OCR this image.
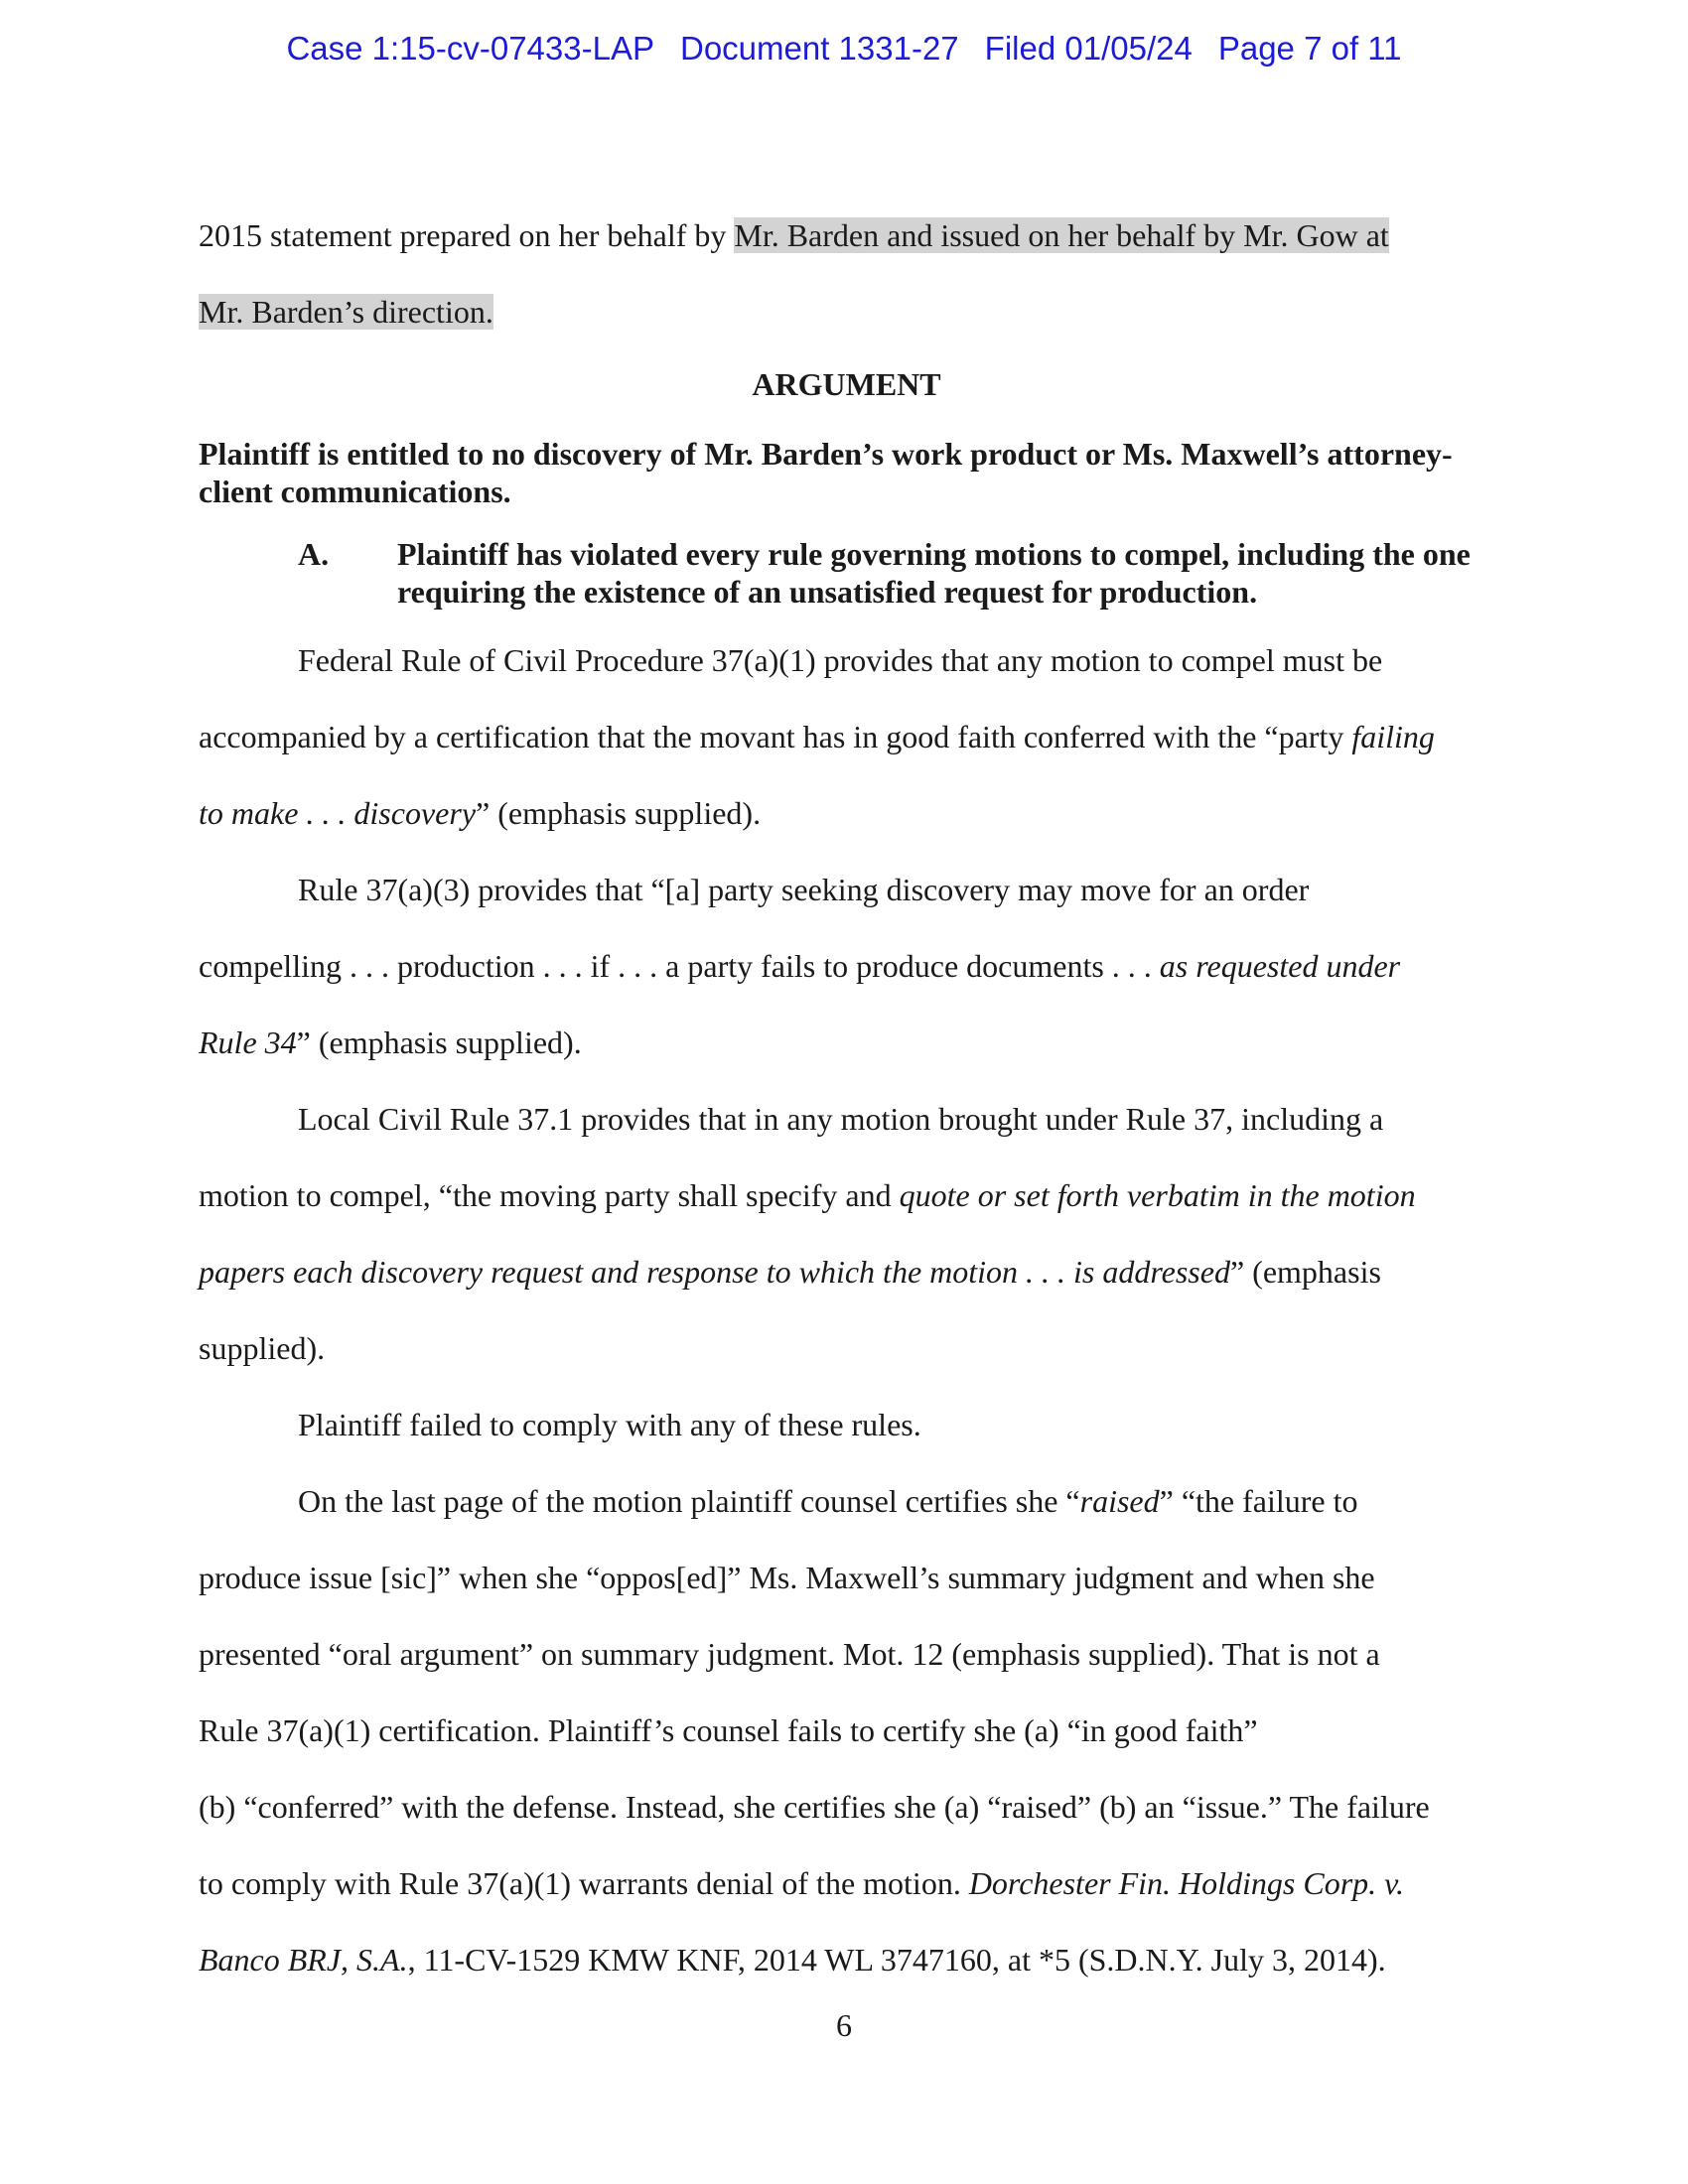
Case 1:15-cv-07433-LAP Document 1331-27 Filed 01/05/24 Page 7 of 11
2015 statement prepared on her behalf by Mr. Barden and issued on her behalf by Mr. Gow at
Mr. Barden’s direction.
ARGUMENT
Plaintiff is entitled to no discovery of Mr. Barden’s work product or Ms. Maxwell’s attorney-client communications.
A. Plaintiff has violated every rule governing motions to compel, including the one requiring the existence of an unsatisfied request for production.
Federal Rule of Civil Procedure 37(a)(1) provides that any motion to compel must be
accompanied by a certification that the movant has in good faith conferred with the “party failing
to make . . . discovery” (emphasis supplied).
Rule 37(a)(3) provides that “[a] party seeking discovery may move for an order
compelling . . . production . . . if . . . a party fails to produce documents . . . as requested under
Rule 34” (emphasis supplied).
Local Civil Rule 37.1 provides that in any motion brought under Rule 37, including a
motion to compel, “the moving party shall specify and quote or set forth verbatim in the motion
papers each discovery request and response to which the motion . . . is addressed” (emphasis
supplied).
Plaintiff failed to comply with any of these rules.
On the last page of the motion plaintiff counsel certifies she “raised” “the failure to
produce issue [sic]” when she “oppos[ed]” Ms. Maxwell’s summary judgment and when she
presented “oral argument” on summary judgment. Mot. 12 (emphasis supplied). That is not a
Rule 37(a)(1) certification. Plaintiff’s counsel fails to certify she (a) “in good faith”
(b) “conferred” with the defense. Instead, she certifies she (a) “raised” (b) an “issue.” The failure
to comply with Rule 37(a)(1) warrants denial of the motion. Dorchester Fin. Holdings Corp. v.
Banco BRJ, S.A., 11-CV-1529 KMW KNF, 2014 WL 3747160, at *5 (S.D.N.Y. July 3, 2014).
6
